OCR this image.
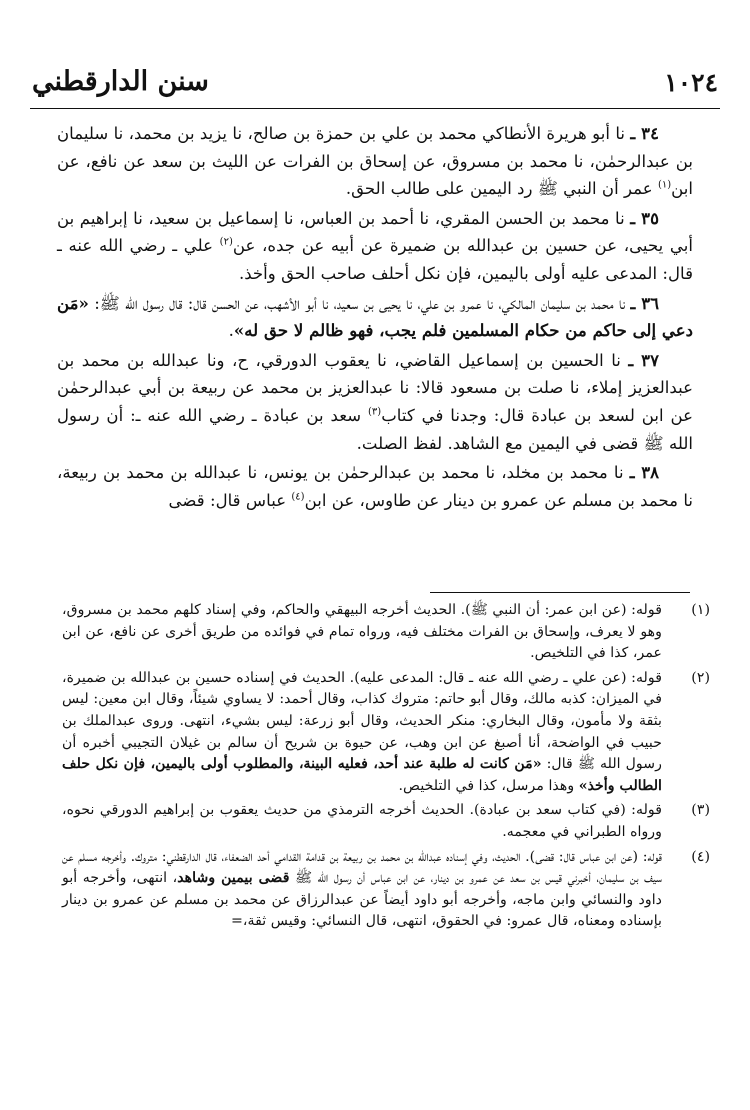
سنن الدارقطني	١٠٢٤

٣٤ ـ نا أبو هريرة الأنطاكي محمد بن علي بن حمزة بن صالح، نا يزيد بن محمد، نا سليمان بن عبدالرحمٰن، نا محمد بن مسروق، عن إسحاق بن الفرات عن الليث بن سعد عن نافع، عن ابن$^{(١)}$ عمر أن النبي ﷺ رد اليمين على طالب الحق.

٣٥ ـ نا محمد بن الحسن المقري، نا أحمد بن العباس، نا إسماعيل بن سعيد، نا إبراهيم بن أبي يحيى، عن حسين بن عبدالله بن ضميرة عن أبيه عن جده، عن$^{(٢)}$ علي ـ رضي الله عنه ـ قال: المدعى عليه أولى باليمين، فإن نكل أحلف صاحب الحق وأخذ.

٣٦ ـ نا محمد بن سليمان المالكي، نا عمرو بن علي، نا يحيى بن سعيد، نا أبو الأشهب، عن الحسن قال: قال رسول الله ﷺ: «مَن دعي إلى حاكم من حكام المسلمين فلم يجب، فهو ظالم لا حق له».

٣٧ ـ نا الحسين بن إسماعيل القاضي، نا يعقوب الدورقي، ح، ونا عبدالله بن محمد بن عبدالعزيز إملاء، نا صلت بن مسعود قالا: نا عبدالعزيز بن محمد عن ربيعة بن أبي عبدالرحمٰن عن ابن لسعد بن عبادة قال: وجدنا في كتاب$^{(٣)}$ سعد بن عبادة ـ رضي الله عنه ـ: أن رسول الله ﷺ قضى في اليمين مع الشاهد. لفظ الصلت.

٣٨ ـ نا محمد بن مخلد، نا محمد بن عبدالرحمٰن بن يونس، نا عبدالله بن محمد بن ربيعة، نا محمد بن مسلم عن عمرو بن دينار عن طاوس، عن ابن$^{(٤)}$ عباس قال: قضى

(١)
قوله: (عن ابن عمر: أن النبي ﷺ). الحديث أخرجه البيهقي والحاكم، وفي إسناد كلهم محمد بن مسروق، وهو لا يعرف، وإسحاق بن الفرات مختلف فيه، ورواه تمام في فوائده من طريق أخرى عن نافع، عن ابن عمر، كذا في التلخيص.
(٢)
قوله: (عن علي ـ رضي الله عنه ـ قال: المدعى عليه). الحديث في إسناده حسين بن عبدالله بن ضميرة، في الميزان: كذبه مالك، وقال أبو حاتم: متروك كذاب، وقال أحمد: لا يساوي شيئاً، وقال ابن معين: ليس بثقة ولا مأمون، وقال البخاري: منكر الحديث، وقال أبو زرعة: ليس بشيء، انتهى. وروى عبدالملك بن حبيب في الواضحة، أنا أصبغ عن ابن وهب، عن حيوة بن شريح أن سالم بن غيلان التجيبي أخبره أن رسول الله ﷺ قال: «مَن كانت له طلبة عند أحد، فعليه البينة، والمطلوب أولى باليمين، فإن نكل حلف الطالب وأخذ» وهذا مرسل، كذا في التلخيص.
(٣)
قوله: (في كتاب سعد بن عبادة). الحديث أخرجه الترمذي من حديث يعقوب بن إبراهيم الدورقي نحوه، ورواه الطبراني في معجمه.
(٤)
قوله: (عن ابن عباس قال: قضى). الحديث، وفي إسناده عبدالله بن محمد بن ربيعة بن قدامة القدامي أحد الضعفاء، قال الدارقطني: متروك. وأخرجه مسلم عن سيف بن سليمان، أخبرني قيس بن سعد عن عمرو بن دينار، عن ابن عباس أن رسول الله ﷺ قضى بيمين وشاهد، انتهى، وأخرجه أبو داود والنسائي وابن ماجه، وأخرجه أبو داود أيضاً عن عبدالرزاق عن محمد بن مسلم عن عمرو بن دينار بإسناده ومعناه، قال عمرو: في الحقوق، انتهى، قال النسائي: وقيس ثقة،=
